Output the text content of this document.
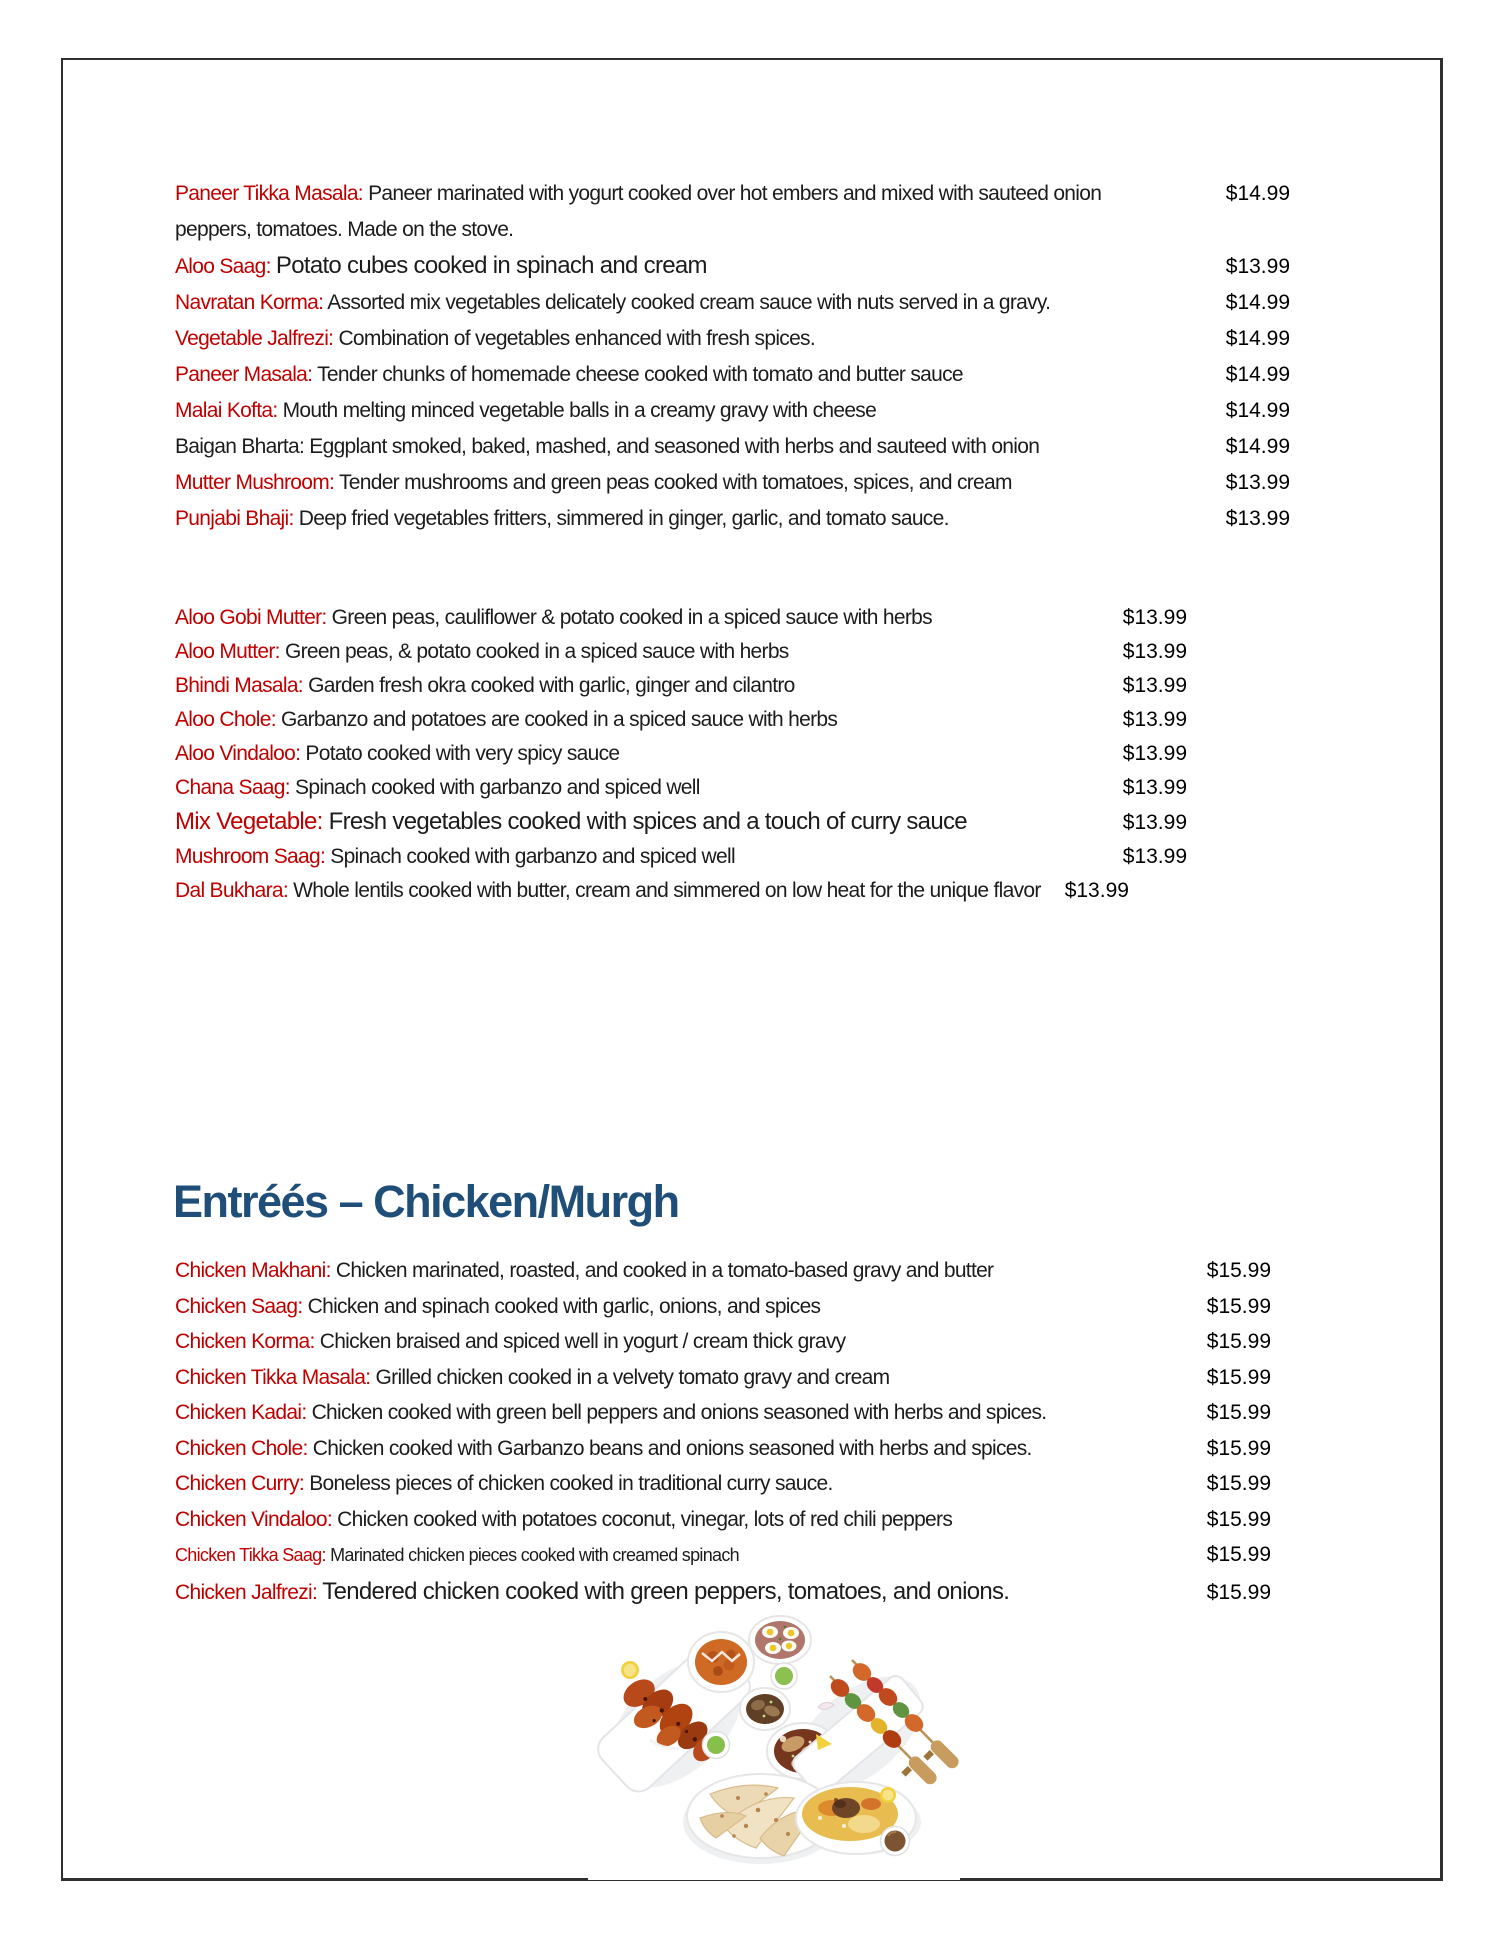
Paneer Tikka Masala: Paneer marinated with yogurt cooked over hot embers and mixed with sauteed onion peppers, tomatoes. Made on the stove.
$14.99
Aloo Saag: Potato cubes cooked in spinach and cream	$13.99
Navratan Korma: Assorted mix vegetables delicately cooked cream sauce with nuts served in a gravy.	$14.99
Vegetable Jalfrezi: Combination of vegetables enhanced with fresh spices.	$14.99
Paneer Masala: Tender chunks of homemade cheese cooked with tomato and butter sauce	$14.99
Malai Kofta: Mouth melting minced vegetable balls in a creamy gravy with cheese	$14.99
Baigan Bharta: Eggplant smoked, baked, mashed, and seasoned with herbs and sauteed with onion	$14.99
Mutter Mushroom: Tender mushrooms and green peas cooked with tomatoes, spices, and cream	$13.99
Punjabi Bhaji: Deep fried vegetables fritters, simmered in ginger, garlic, and tomato sauce.	$13.99
Aloo Gobi Mutter: Green peas, cauliflower & potato cooked in a spiced sauce with herbs	$13.99
Aloo Mutter: Green peas, & potato cooked in a spiced sauce with herbs	$13.99
Bhindi Masala: Garden fresh okra cooked with garlic, ginger and cilantro	$13.99
Aloo Chole: Garbanzo and potatoes are cooked in a spiced sauce with herbs	$13.99
Aloo Vindaloo: Potato cooked with very spicy sauce	$13.99
Chana Saag: Spinach cooked with garbanzo and spiced well	$13.99
Mix Vegetable: Fresh vegetables cooked with spices and a touch of curry sauce	$13.99
Mushroom Saag: Spinach cooked with garbanzo and spiced well	$13.99
Dal Bukhara: Whole lentils cooked with butter, cream and simmered on low heat for the unique flavor	$13.99
Entréés – Chicken/Murgh
Chicken Makhani: Chicken marinated, roasted, and cooked in a tomato-based gravy and butter	$15.99
Chicken Saag: Chicken and spinach cooked with garlic, onions, and spices	$15.99
Chicken Korma: Chicken braised and spiced well in yogurt / cream thick gravy	$15.99
Chicken Tikka Masala: Grilled chicken cooked in a velvety tomato gravy and cream	$15.99
Chicken Kadai: Chicken cooked with green bell peppers and onions seasoned with herbs and spices.	$15.99
Chicken Chole: Chicken cooked with Garbanzo beans and onions seasoned with herbs and spices.	$15.99
Chicken Curry: Boneless pieces of chicken cooked in traditional curry sauce.	$15.99
Chicken Vindaloo: Chicken cooked with potatoes coconut, vinegar, lots of red chili peppers	$15.99
Chicken Tikka Saag: Marinated chicken pieces cooked with creamed spinach	$15.99
Chicken Jalfrezi: Tendered chicken cooked with green peppers, tomatoes, and onions.	$15.99
